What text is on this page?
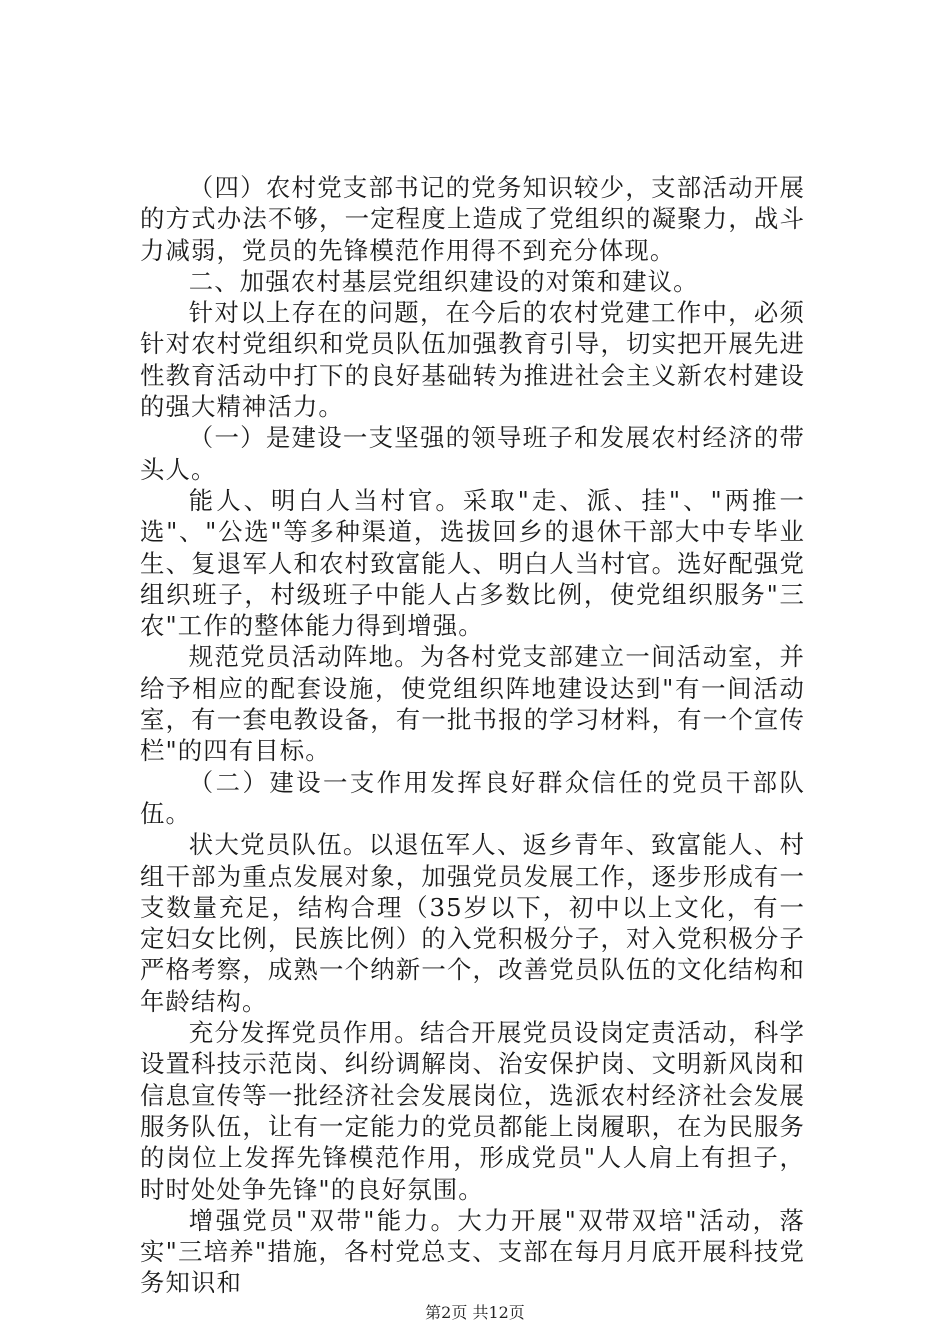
（四）农村党支部书记的党务知识较少，支部活动开展的方式办法不够，一定程度上造成了党组织的凝聚力，战斗力减弱，党员的先锋模范作用得不到充分体现。

二、加强农村基层党组织建设的对策和建议。

针对以上存在的问题，在今后的农村党建工作中，必须针对农村党组织和党员队伍加强教育引导，切实把开展先进性教育活动中打下的良好基础转为推进社会主义新农村建设的强大精神活力。

（一）是建设一支坚强的领导班子和发展农村经济的带头人。

能人、明白人当村官。采取"走、派、挂"、"两推一选"、"公选"等多种渠道，选拔回乡的退休干部大中专毕业生、复退军人和农村致富能人、明白人当村官。选好配强党组织班子，村级班子中能人占多数比例，使党组织服务"三农"工作的整体能力得到增强。

规范党员活动阵地。为各村党支部建立一间活动室，并给予相应的配套设施，使党组织阵地建设达到"有一间活动室，有一套电教设备，有一批书报的学习材料，有一个宣传栏"的四有目标。

（二）建设一支作用发挥良好群众信任的党员干部队伍。

状大党员队伍。以退伍军人、返乡青年、致富能人、村组干部为重点发展对象，加强党员发展工作，逐步形成有一支数量充足，结构合理（35岁以下，初中以上文化，有一定妇女比例，民族比例）的入党积极分子，对入党积极分子严格考察，成熟一个纳新一个，改善党员队伍的文化结构和年龄结构。

充分发挥党员作用。结合开展党员设岗定责活动，科学设置科技示范岗、纠纷调解岗、治安保护岗、文明新风岗和信息宣传等一批经济社会发展岗位，选派农村经济社会发展服务队伍，让有一定能力的党员都能上岗履职，在为民服务的岗位上发挥先锋模范作用，形成党员"人人肩上有担子，时时处处争先锋"的良好氛围。

增强党员"双带"能力。大力开展"双带双培"活动，落实"三培养"措施，各村党总支、支部在每月月底开展科技党务知识和

第2页 共12页
